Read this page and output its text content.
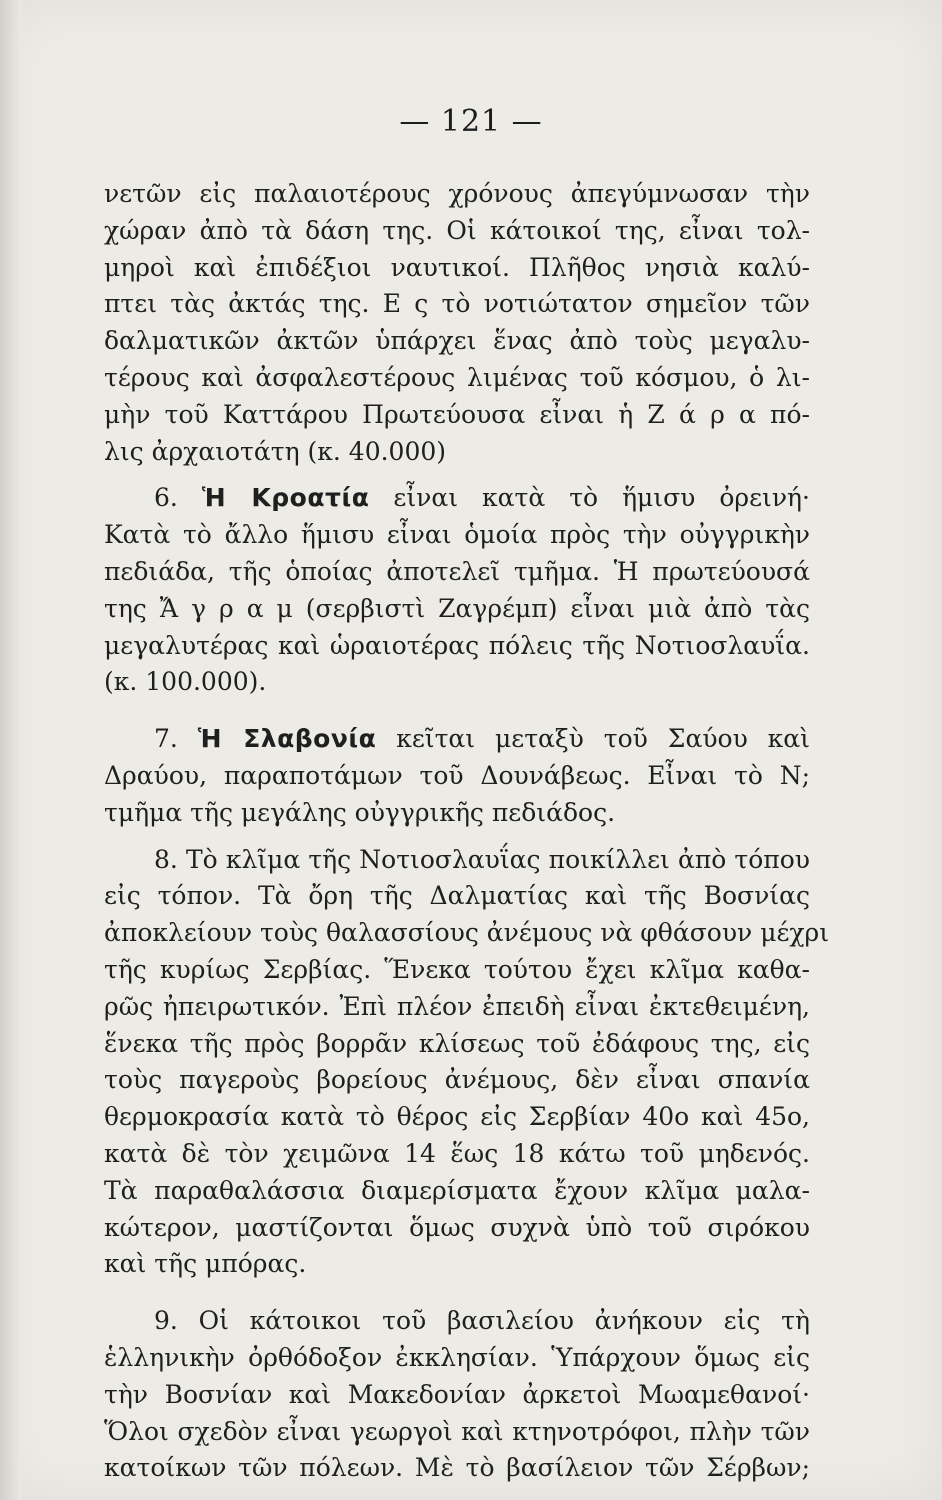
— 121 —
νετῶν εἰς παλαιοτέρους χρόνους ἀπεγύμνωσαν τὴν
χώραν ἀπὸ τὰ δάση της. Οἱ κάτοικοί της, εἶναι τολ-
μηροὶ καὶ ἐπιδέξιοι ναυτικοί. Πλῆθος νησιὰ καλύ-
πτει τὰς ἀκτάς της. Ε ς τὸ νοτιώτατον σημεῖον τῶν
δαλματικῶν ἀκτῶν ὑπάρχει ἕνας ἀπὸ τοὺς μεγαλυ-
τέρους καὶ ἀσφαλεστέρους λιμένας τοῦ κόσμου, ὁ λι-
μὴν τοῦ Καττάρου Πρωτεύουσα εἶναι ἡ Ζ ά ρ α πό-
λις ἀρχαιοτάτη (κ. 40.000)
6. Ἡ Κροατία εἶναι κατὰ τὸ ἥμισυ ὀρεινή·
Κατὰ τὸ ἄλλο ἥμισυ εἶναι ὁμοία πρὸς τὴν οὐγγρικὴν
πεδιάδα, τῆς ὁποίας ἀποτελεῖ τμῆμα. Ἡ πρωτεύουσά
της Ἄ γ ρ α μ (σερβιστὶ Ζαγρέμπ) εἶναι μιὰ ἀπὸ τὰς
μεγαλυτέρας καὶ ὡραιοτέρας πόλεις τῆς Νοτιοσλαυΐα.
(κ. 100.000).
7. Ἡ Σλαβονία κεῖται μεταξὺ τοῦ Σαύου καὶ
Δραύου, παραποτάμων τοῦ Δουνάβεως. Εἶναι τὸ Ν;
τμῆμα τῆς μεγάλης οὐγγρικῆς πεδιάδος.
8. Τὸ κλῖμα τῆς Νοτιοσλαυΐας ποικίλλει ἀπὸ τόπου
εἰς τόπον. Τὰ ὄρη τῆς Δαλματίας καὶ τῆς Βοσνίας
ἀποκλείουν τοὺς θαλασσίους ἀνέμους νὰ φθάσουν μέχρι
τῆς κυρίως Σερβίας. Ἕνεκα τούτου ἔχει κλῖμα καθα-
ρῶς ἠπειρωτικόν. Ἐπὶ πλέον ἐπειδὴ εἶναι ἐκτεθειμένη,
ἕνεκα τῆς πρὸς βορρᾶν κλίσεως τοῦ ἐδάφους της, εἰς
τοὺς παγεροὺς βορείους ἀνέμους, δὲν εἶναι σπανία
θερμοκρασία κατὰ τὸ θέρος εἰς Σερβίαν 40ο καὶ 45ο,
κατὰ δὲ τὸν χειμῶνα 14 ἕως 18 κάτω τοῦ μηδενός.
Τὰ παραθαλάσσια διαμερίσματα ἔχουν κλῖμα μαλα-
κώτερον, μαστίζονται ὅμως συχνὰ ὑπὸ τοῦ σιρόκου
καὶ τῆς μπόρας.
9. Οἱ κάτοικοι τοῦ βασιλείου ἀνήκουν εἰς τὴ
ἑλληνικὴν ὀρθόδοξον ἐκκλησίαν. Ὑπάρχουν ὅμως εἰς
τὴν Βοσνίαν καὶ Μακεδονίαν ἀρκετοὶ Μωαμεθανοί·
Ὅλοι σχεδὸν εἶναι γεωργοὶ καὶ κτηνοτρόφοι, πλὴν τῶν
κατοίκων τῶν πόλεων. Μὲ τὸ βασίλειον τῶν Σέρβων;
